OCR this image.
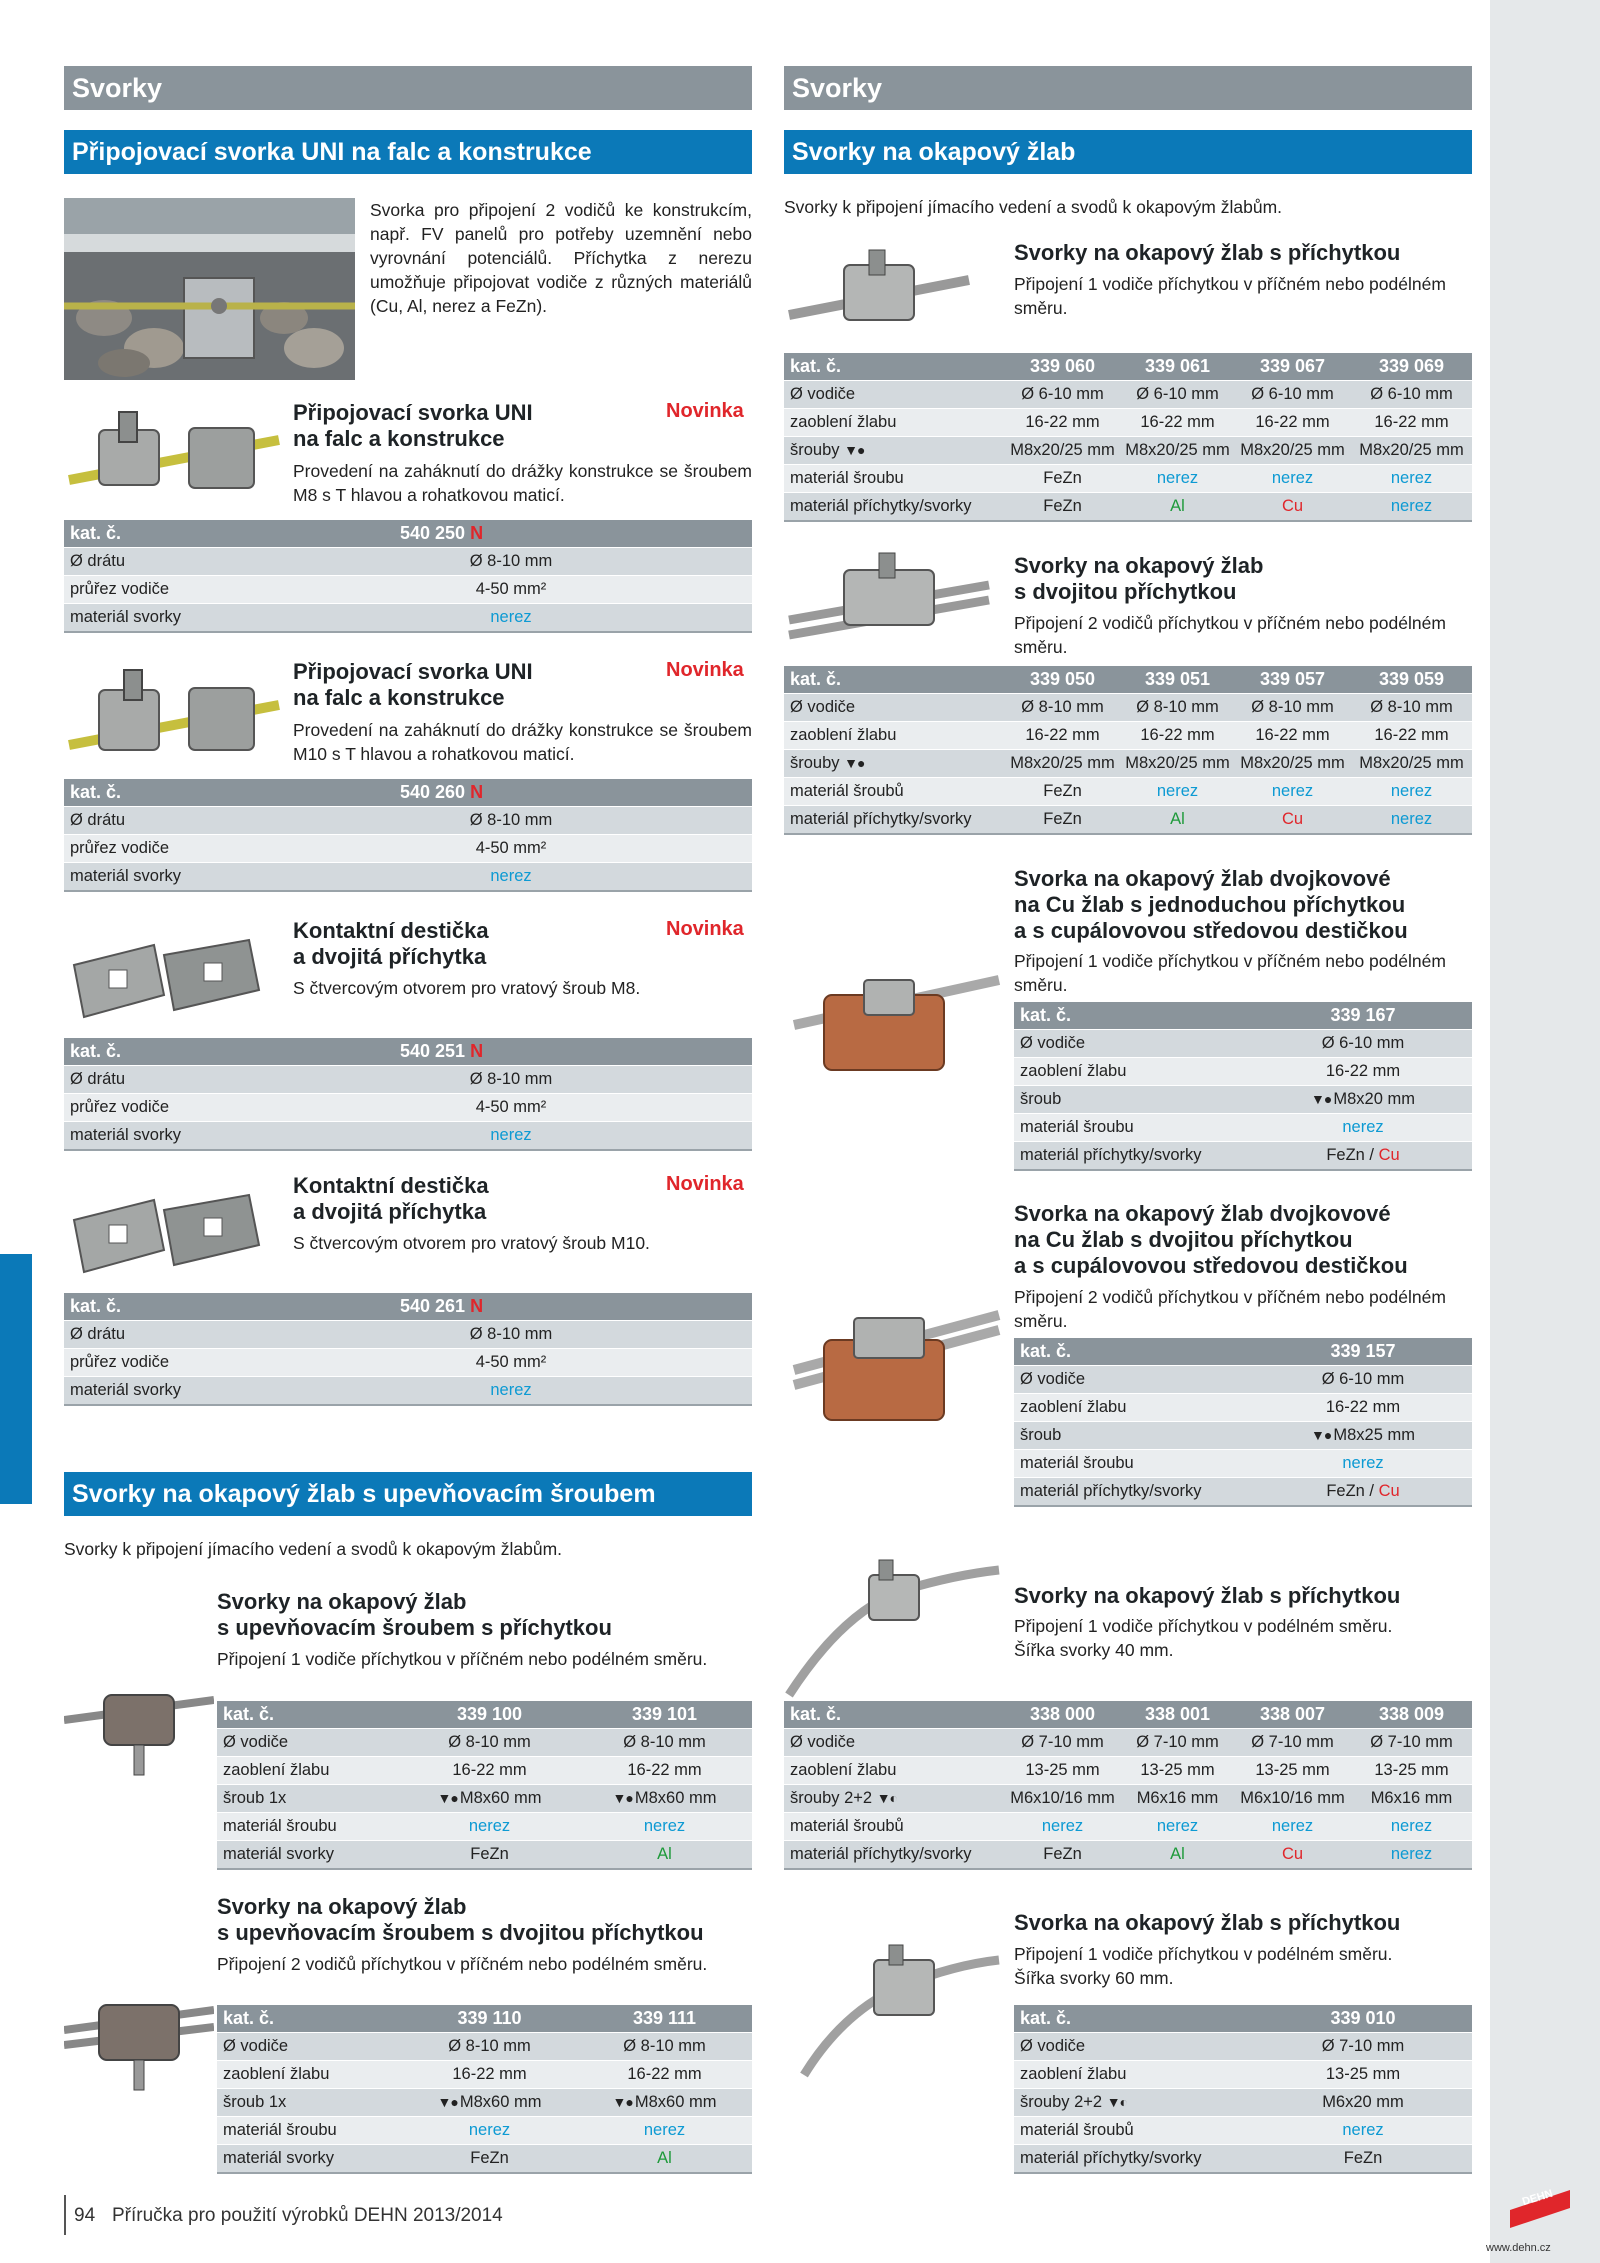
Svorky
Připojovací svorka UNI na falc a konstrukce
Svorka pro připojení 2 vodičů ke konstrukcím, např. FV panelů pro potřeby uzemnění nebo vyrovnání potenciálů. Příchytka z nerezu umožňuje připojovat vodiče z různých materiálů (Cu, Al, nerez a FeZn).
Připojovací svorka UNI
na falc a konstrukce
Novinka
Provedení na zaháknutí do drážky konstrukce se šroubem M8 s T hlavou a rohatkovou maticí.
kat. č.	540 250 N	
Ø drátu	Ø 8-10 mm	
průřez vodiče	4-50 mm²	
materiál svorky	nerez	
Připojovací svorka UNI
na falc a konstrukce
Novinka
Provedení na zaháknutí do drážky konstrukce se šroubem M10 s T hlavou a rohatkovou maticí.
kat. č.	540 260 N	
Ø drátu	Ø 8-10 mm	
průřez vodiče	4-50 mm²	
materiál svorky	nerez	
Kontaktní destička
a dvojitá příchytka
Novinka
S čtvercovým otvorem pro vratový šroub M8.
kat. č.	540 251 N	
Ø drátu	Ø 8-10 mm	
průřez vodiče	4-50 mm²	
materiál svorky	nerez	
Kontaktní destička
a dvojitá příchytka
Novinka
S čtvercovým otvorem pro vratový šroub M10.
kat. č.	540 261 N	
Ø drátu	Ø 8-10 mm	
průřez vodiče	4-50 mm²	
materiál svorky	nerez	
Svorky na okapový žlab s upevňovacím šroubem
Svorky k připojení jímacího vedení a svodů k okapovým žlabům.
Svorky na okapový žlab
s upevňovacím šroubem s příchytkou
Připojení 1 vodiče příchytkou v příčném nebo podélném směru.
kat. č.	339 100	339 101
Ø vodiče	Ø 8-10 mm	Ø 8-10 mm
zaoblení žlabu	16-22 mm	16-22 mm
šroub 1x	▼● M8x60 mm	▼● M8x60 mm
materiál šroubu	nerez	nerez
materiál svorky	FeZn	Al
Svorky na okapový žlab
s upevňovacím šroubem s dvojitou příchytkou
Připojení 2 vodičů příchytkou v příčném nebo podélném směru.
kat. č.	339 110	339 111
Ø vodiče	Ø 8-10 mm	Ø 8-10 mm
zaoblení žlabu	16-22 mm	16-22 mm
šroub 1x	▼● M8x60 mm	▼● M8x60 mm
materiál šroubu	nerez	nerez
materiál svorky	FeZn	Al
Svorky
Svorky na okapový žlab
Svorky k připojení jímacího vedení a svodů k okapovým žlabům.
Svorky na okapový žlab s příchytkou
Připojení 1 vodiče příchytkou v příčném nebo podélném směru.
kat. č.	339 060	339 061	339 067	339 069
Ø vodiče	Ø 6-10 mm	Ø 6-10 mm	Ø 6-10 mm	Ø 6-10 mm
zaoblení žlabu	16-22 mm	16-22 mm	16-22 mm	16-22 mm
šrouby ▼●	M8x20/25 mm	M8x20/25 mm	M8x20/25 mm	M8x20/25 mm
materiál šroubu	FeZn	nerez	nerez	nerez
materiál příchytky/svorky	FeZn	Al	Cu	nerez
Svorky na okapový žlab
s dvojitou příchytkou
Připojení 2 vodičů příchytkou v příčném nebo podélném směru.
kat. č.	339 050	339 051	339 057	339 059
Ø vodiče	Ø 8-10 mm	Ø 8-10 mm	Ø 8-10 mm	Ø 8-10 mm
zaoblení žlabu	16-22 mm	16-22 mm	16-22 mm	16-22 mm
šrouby ▼●	M8x20/25 mm	M8x20/25 mm	M8x20/25 mm	M8x20/25 mm
materiál šroubů	FeZn	nerez	nerez	nerez
materiál příchytky/svorky	FeZn	Al	Cu	nerez
Svorka na okapový žlab dvojkovové
na Cu žlab s jednoduchou příchytkou
a s cupálovovou středovou destičkou
Připojení 1 vodiče příchytkou v příčném nebo podélném směru.
kat. č.	339 167
Ø vodiče	Ø 6-10 mm
zaoblení žlabu	16-22 mm
šroub	▼● M8x20 mm
materiál šroubu	nerez
materiál příchytky/svorky	FeZn / Cu
Svorka na okapový žlab dvojkovové
na Cu žlab s dvojitou příchytkou
a s cupálovovou středovou destičkou
Připojení 2 vodičů příchytkou v příčném nebo podélném směru.
kat. č.	339 157
Ø vodiče	Ø 6-10 mm
zaoblení žlabu	16-22 mm
šroub	▼● M8x25 mm
materiál šroubu	nerez
materiál příchytky/svorky	FeZn / Cu
Svorky na okapový žlab s příchytkou
Připojení 1 vodiče příchytkou v podélném směru.
Šířka svorky 40 mm.
kat. č.	338 000	338 001	338 007	338 009
Ø vodiče	Ø 7-10 mm	Ø 7-10 mm	Ø 7-10 mm	Ø 7-10 mm
zaoblení žlabu	13-25 mm	13-25 mm	13-25 mm	13-25 mm
šrouby 2+2 ▼◐	M6x10/16 mm	M6x16 mm	M6x10/16 mm	M6x16 mm
materiál šroubů	nerez	nerez	nerez	nerez
materiál příchytky/svorky	FeZn	Al	Cu	nerez
Svorka na okapový žlab s příchytkou
Připojení 1 vodiče příchytkou v podélném směru.
Šířka svorky 60 mm.
kat. č.	339 010
Ø vodiče	Ø 7-10 mm
zaoblení žlabu	13-25 mm
šrouby 2+2 ▼◐	M6x20 mm
materiál šroubů	nerez
materiál příchytky/svorky	FeZn
94 Příručka pro použití výrobků DEHN 2013/2014
DEHN
www.dehn.cz
